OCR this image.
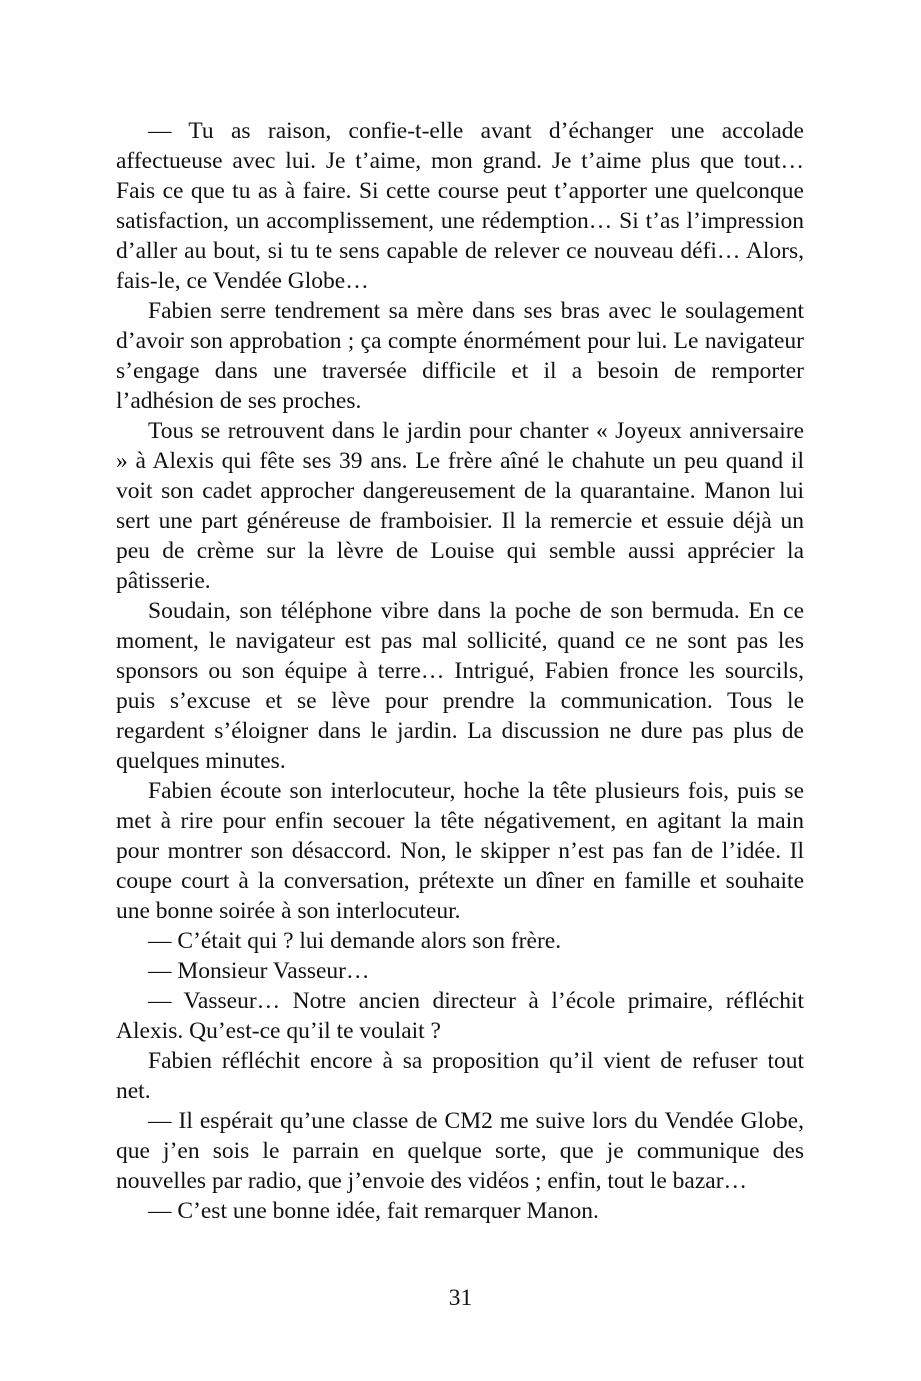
— Tu as raison, confie-t-elle avant d’échanger une accolade affectueuse avec lui. Je t’aime, mon grand. Je t’aime plus que tout… Fais ce que tu as à faire. Si cette course peut t’apporter une quelconque satisfaction, un accomplissement, une rédemption… Si t’as l’impression d’aller au bout, si tu te sens capable de relever ce nouveau défi… Alors, fais-le, ce Vendée Globe…

Fabien serre tendrement sa mère dans ses bras avec le soulagement d’avoir son approbation ; ça compte énormément pour lui. Le navigateur s’engage dans une traversée difficile et il a besoin de remporter l’adhésion de ses proches.

Tous se retrouvent dans le jardin pour chanter « Joyeux anniversaire » à Alexis qui fête ses 39 ans. Le frère aîné le chahute un peu quand il voit son cadet approcher dangereusement de la quarantaine. Manon lui sert une part généreuse de framboisier. Il la remercie et essuie déjà un peu de crème sur la lèvre de Louise qui semble aussi apprécier la pâtisserie.

Soudain, son téléphone vibre dans la poche de son bermuda. En ce moment, le navigateur est pas mal sollicité, quand ce ne sont pas les sponsors ou son équipe à terre… Intrigué, Fabien fronce les sourcils, puis s’excuse et se lève pour prendre la communication. Tous le regardent s’éloigner dans le jardin. La discussion ne dure pas plus de quelques minutes.

Fabien écoute son interlocuteur, hoche la tête plusieurs fois, puis se met à rire pour enfin secouer la tête négativement, en agitant la main pour montrer son désaccord. Non, le skipper n’est pas fan de l’idée. Il coupe court à la conversation, prétexte un dîner en famille et souhaite une bonne soirée à son interlocuteur.

— C’était qui ? lui demande alors son frère.

— Monsieur Vasseur…

— Vasseur… Notre ancien directeur à l’école primaire, réfléchit Alexis. Qu’est-ce qu’il te voulait ?

Fabien réfléchit encore à sa proposition qu’il vient de refuser tout net.

— Il espérait qu’une classe de CM2 me suive lors du Vendée Globe, que j’en sois le parrain en quelque sorte, que je communique des nouvelles par radio, que j’envoie des vidéos ; enfin, tout le bazar…

— C’est une bonne idée, fait remarquer Manon.

31
